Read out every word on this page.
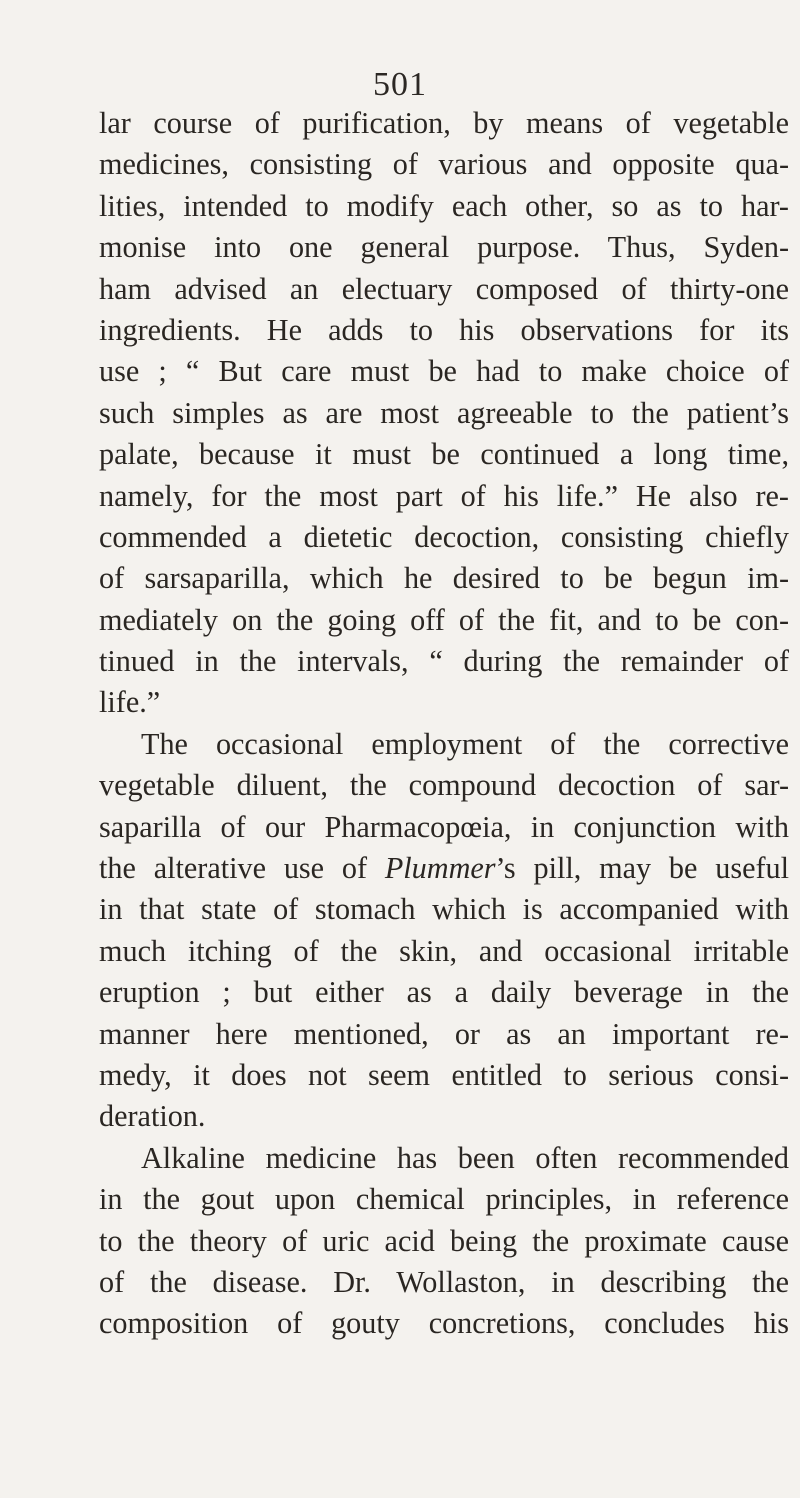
501
lar course of purification, by means of vegetable
medicines, consisting of various and opposite qua-
lities, intended to modify each other, so as to har-
monise into one general purpose. Thus, Syden-
ham advised an electuary composed of thirty-one
ingredients. He adds to his observations for its
use ; “ But care must be had to make choice of
such simples as are most agreeable to the patient’s
palate, because it must be continued a long time,
namely, for the most part of his life.” He also re-
commended a dietetic decoction, consisting chiefly
of sarsaparilla, which he desired to be begun im-
mediately on the going off of the fit, and to be con-
tinued in the intervals, “ during the remainder of
life.”
The occasional employment of the corrective
vegetable diluent, the compound decoction of sar-
saparilla of our Pharmacopœia, in conjunction with
the alterative use of Plummer’s pill, may be useful
in that state of stomach which is accompanied with
much itching of the skin, and occasional irritable
eruption ; but either as a daily beverage in the
manner here mentioned, or as an important re-
medy, it does not seem entitled to serious consi-
deration.
Alkaline medicine has been often recommended
in the gout upon chemical principles, in reference
to the theory of uric acid being the proximate cause
of the disease. Dr. Wollaston, in describing the
composition of gouty concretions, concludes his
